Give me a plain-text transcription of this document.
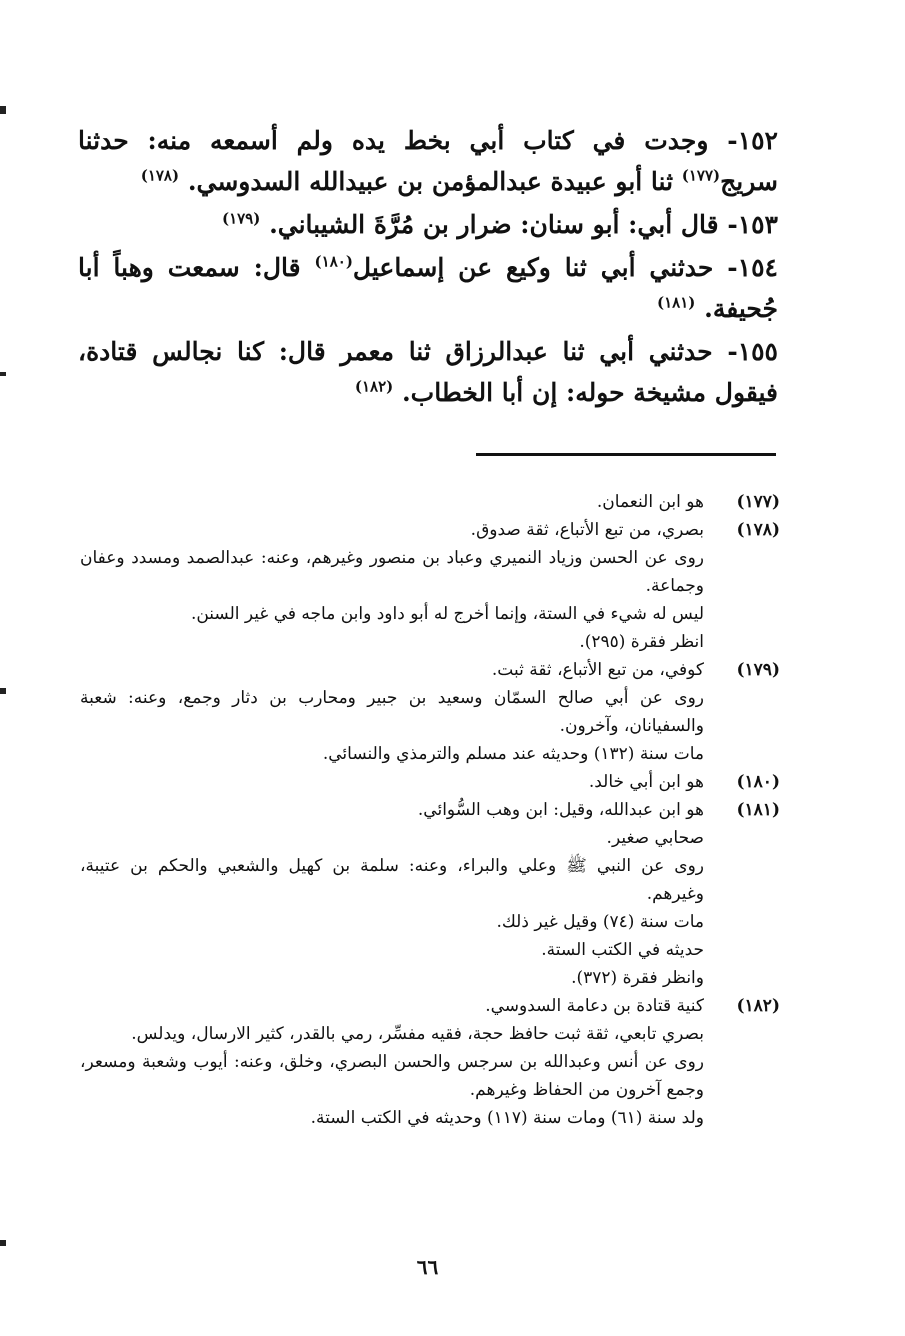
١٥٢- وجدت في كتاب أبي بخط يده ولم أسمعه منه: حدثنا سريج$^{(١٧٧)}$ ثنا أبو عبيدة عبدالمؤمن بن عبيدالله السدوسي. $^{(١٧٨)}$

١٥٣- قال أبي: أبو سنان: ضرار بن مُرَّةَ الشيباني. $^{(١٧٩)}$

١٥٤- حدثني أبي ثنا وكيع عن إسماعيل$^{(١٨٠)}$ قال: سمعت وهباً أبا جُحيفة. $^{(١٨١)}$

١٥٥- حدثني أبي ثنا عبدالرزاق ثنا معمر قال: كنا نجالس قتادة، فيقول مشيخة حوله: إن أبا الخطاب. $^{(١٨٢)}$

(١٧٧)

هو ابن النعمان.

(١٧٨)

بصري، من تبع الأتباع، ثقة صدوق.

روى عن الحسن وزياد النميري وعباد بن منصور وغيرهم، وعنه: عبدالصمد ومسدد وعفان وجماعة.

ليس له شيء في الستة، وإنما أخرج له أبو داود وابن ماجه في غير السنن.

انظر فقرة (٢٩٥).

(١٧٩)

كوفي، من تبع الأتباع، ثقة ثبت.

روى عن أبي صالح السمّان وسعيد بن جبير ومحارب بن دثار وجمع، وعنه: شعبة والسفيانان، وآخرون.

مات سنة (١٣٢) وحديثه عند مسلم والترمذي والنسائي.

(١٨٠)

هو ابن أبي خالد.

(١٨١)

هو ابن عبدالله، وقيل: ابن وهب السُّوائي.

صحابي صغير.

روى عن النبي ﷺ وعلي والبراء، وعنه: سلمة بن كهيل والشعبي والحكم بن عتيبة، وغيرهم.

مات سنة (٧٤) وقيل غير ذلك.

حديثه في الكتب الستة.

وانظر فقرة (٣٧٢).

(١٨٢)

كنية قتادة بن دعامة السدوسي.

بصري تابعي، ثقة ثبت حافظ حجة، فقيه مفسِّر، رمي بالقدر، كثير الارسال، ويدلس.

روى عن أنس وعبدالله بن سرجس والحسن البصري، وخلق، وعنه: أيوب وشعبة ومسعر، وجمع آخرون من الحفاظ وغيرهم.

ولد سنة (٦١) ومات سنة (١١٧) وحديثه في الكتب الستة.

٦٦
